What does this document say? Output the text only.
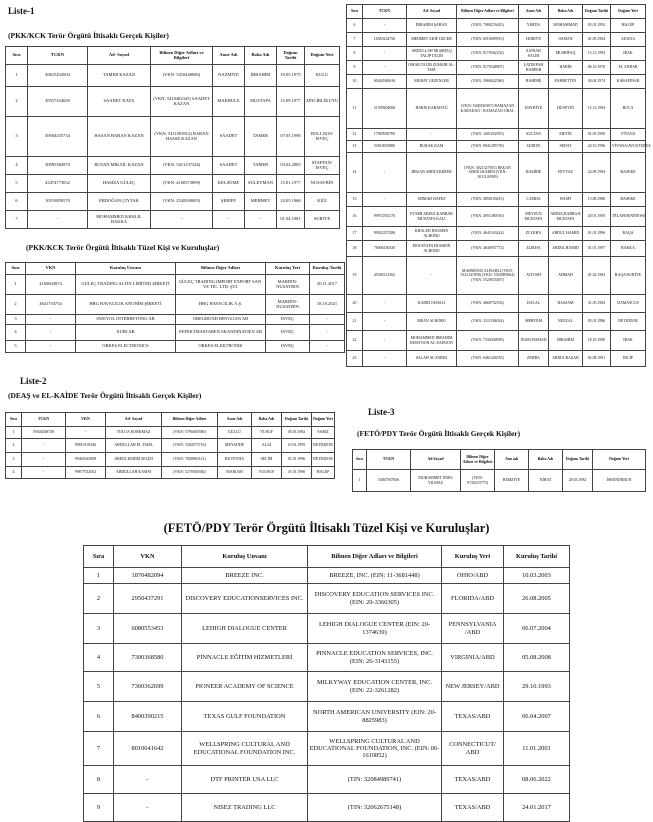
Liste-1
(PKK/KCK Terör Örgütü İltisaklı Gerçek Kişiler)
Sıra	TCKN	Ad- Soyad	Bilinen Diğer Adları ve Bilgileri	Anne Adı	Baba Adı	Doğum Tarihi	Doğum Yeri
1	49615432004	TAMER KAZAN	(VKN: 5410440080)	NAZMİYE	İBRAHİM	19.05.1975	KULU
2	49537434650	SAADET KAYA	(VKN: 5410482345) SAADET KAZAN	MAKBULE	MUSTAFA	15.09.1977	ZİNCİRLİKUYU
3	49504435734	HASAN BARAN KAZAN	(VKN: 5411093912) BARAN HASSE KAZAN	SAADET	TAMER	07.05.1998	BOLLNOS/İSVEÇ
4	30095584970	BOTAN MİKAİL KAZAN	(VKN: 5411237226)	SAADET	TAMER	03.02.2005	STAFFAN/İSVEÇ
5	43474773032	HAMZA GÜLEÇ	(VKN: 4160373899)	KELSÜME	SÜLEYMAN	15.01.1977	NUSAYBİN
6	10519859570	ERDOĞAN ÇİYTAK	(VKN: 2520549005)	ŞERİFE	MEHMET	24.05.1968	KİĞI
7	-	MOHAMMED KHALIL BAKKA	-	-	-	01.04.1981	SURİYE
(PKK/KCK Terör Örgütü İltisaklı Tüzel Kişi ve Kuruluşlar)
Sıra	VKN	Kuruluş Unvanı	Bilinen Diğer Adları	Kuruluş Yeri	Kuruluş Tarihi
1	4160604974	GÜLEÇ TRADING ALTIN LİMİTED ŞİRKETİ	GÜLEÇ TRADING İMPORT EXPORT SAN. VE TİC. LTD. ŞTİ.	MARDİN-NUSAYBİN	20.11.2017
2	4641754754	HRG HAVACILIK ANONİM ŞİRKETİ	HRG HAVACILIK A.Ş.	MARDİN-NUSAYBİN	18.10.2021
3	-	SWEYOL INTERBETONG AB	OREGRUND BRYGGAN AB	İSVEÇ	-
4	-	XURI AB	EFFEKTMASTAREN SKANDINAVIEN AB	İSVEÇ	-
5	-	ORKES ELECTRONICS	ORKES ELEKTRONİK	İSVEÇ	-
Sıra	TCKN	Ad- Soyad	Bilinen Diğer Adları ve Bilgileri	Anne Adı	Baba Adı	Doğum Tarihi	Doğum Yeri
6	-	İBRAHİM ŞABAN	(VKN: 7980276425)	YERDA	MOHAMMAD	03.01.1992	HALEP
7	16565234756	MEHMET AKİF ÖZCEB	(VKN: 6910009915)	HORİYE	OSMAN	01.05.1964	ADANA
8	-	ABDULLAH MUŞRİAQ TALİP TALİB	(VKN: 8170562252)	ZAİNAB SALİH	MUSRİFAQ	15.12.1993	IRAK
9	-	OMAR TALİB ZUHAİR AL-TAİE	(VKN: 8170348807)	LATEEFAH HABEEB	HABİB	06.10.1970	EL ANBAR
10	60442940616	MURAT GEZENLER	(VKN: 3960622560)	RAHİME	FAHRETTİN	30.04.1974	KARAPINAR
11	21599204068	HARİS KARADAĞ	(VKN: 5400330307) RAMAZAN KARADAĞ / RAMAZAN ORAL	HAYRİYE	HÜSEYİN	15.12.1984	BUCA
12	17965930700	-	(VKN: 1601052055)	SULTAN	METİN	01.05.1990	VİYANA
13	53014953880	BURAK KAM	(VKN: 8941285739)	SURİYE	SEDAT	24.10.1996	VİYANA/AVUSTURYA
14	-	REKAN ABDULKERİM	(VKN: 3021327953) REKAN ABDULKARİM (VKN: 3011120399)	HAMİDE	FEVVAZ	24.09.1984	HASEKE
15	-	AHMAD HAFEZ	(VKN: 4850103615)	LAMHA	WASFİ	15.08.1980	HASEKE
16	99972592170	EYSER ABDULKABBAR MUSTAFA KALI	(VKN: 4951380550)	MEYSUN MUSTAFA	ABDULKABBA R MUSTAFA	20.01.1995	TELAFER/NINEWA
17	99922357286	KHALED HUSSEIN ALHOBO	(VKN: 4641163244)	ZLYKHA	ABDUL HAMID	01.01.1996	RAQA
18	76006136330	MOUSTAFA HUSSEIN ALHOBO	(VKN: 4640937772)	ZLIKHA	ABDULHAMID	01.01.1997	RAKKA
19	45304112362	-	MAHMOUD ALWAHLI (VKN: 5521141858) (VKN: 5520085064) (VKN: 5520674407)	AIYOSH	AHMAD	01.02.1983	RAQA/SURİYE
20	-	KADRI JAMALI	(VKN: 4660752554)	DALAL	BASSAM	31.05.1982	DAMASCUS
21	-	MEAN ALHOBO	(VKN: 3311184034)	MERYEM	NEZZAL	05.01.1986	DEYRİZOR
22	-	MOHAMMED İBRAHİM KHAYOON AL-SADOON	(VKN: 7330340005)	İNAM HAMAD	İBRAHİM	18.10.1990	IRAK
23	-	SALAH AL FARES	(VKN: 0461426555)	ZEHRA	ABDULRAZAK	02.08.1991	İDLİP
Liste-2
(DEAŞ ve EL-KAİDE Terör Örgütü İltisaklı Gerçek Kişiler)
Sıra	TCKN	VKN	Ad- Soyad	Bilinen Diğer Adları	Anne Adı	Baba Adı	Doğum Tarihi	Doğum Yeri
1	59302038730	-	TOLGA KORKMAZ	(VKN: 5790465580)	GÜLLÜ	YUSUF	05.03.1982	SARIZ
2	-	99810139246	ABDULLAH EL TAHA	(VKN: 3302073716)	MEYADDE	ALAİ	10.01.1995	DEYRİZOR
3	-	99461643858	ABDULKERİM SELİM	(VKN: 7600863121)	RUVEYHA	SELİM	01.01.1996	DEYRİZOR
4	-	99677012652	ABDULLAH KASIM	(VKN: 5270500392)	MARIAM	YOUSUF	31.01.1990	HALEP
Liste-3
(FETÖ/PDY Terör Örgütü İltisaklı Gerçek Kişiler)
Sıra	TCKN	Ad Soyad	Bilinen Diğer Adları ve Bilgileri	Ana adı	Baba Adı	Doğum Tarihi	Doğum Yeri
1	33847567836	MUHAMMET ENES YILMAZ	(VKN: 9730210775)	REMZİYE	NİHAT	28.03.1982	İSKENDERUN
(FETÖ/PDY Terör Örgütü İltisaklı Tüzel Kişi ve Kuruluşlar)
Sıra	VKN	Kuruluş Unvanı	Bilinen Diğer Adları ve Bilgileri	Kuruluş Yeri	Kuruluş Tarihi
1	1870482094	BREEZE INC.	BREEZE, INC. (EIN: 11-3681448)	OHIO/ABD	10.03.2003
2	2950437291	DISCOVERY EDUCATIONSERVICES INC.	DISCOVERY EDUCATION SERVICES INC. (EIN: 20-3366305)	FLORIDA/ABD	26.08.2005
3	6080553453	LEHIGH DIALOGUE CENTER	LEHIGH DIALOGUE CENTER (EIN: 20-1374639)	PENNSYLVANIA /ABD	06.07.2004
4	7300368580	PİNNACLE EĞİTİM HİZMETLERİ	PINNACLE EDUCATION SERVICES, INC. (EIN: 26-3143155)	VIRGINIA/ABD	05.08.2008
5	7300362699	PIONEER ACADEMY OF SCIENCE	MILKYWAY EDUCATION CENTER, INC. (EIN: 22-3261282)	NEW JERSEY/ABD	29.10.1993
6	8400390215	TEXAS GULF FOUNDATION	NORTH AMERICAN UNIVERSITY (EIN: 20-8825983)	TEXAS/ABD	06.04.2007
7	8010641642	WELLSPRING CULTURAL AND EDUCATIONAL FOUNDATION INC.	WELLSPRING CULTURAL AND EDUCATIONAL FOUNDATION, INC. (EIN: 06-1610852)	CONNECTICUT/ ABD	11.01.2001
8	-	DTF PRINTER USA LLC	(TIN: 32084989741)	TEXAS/ABD	08.06.2022
9	-	NISEZ TRADING LLC	(TIN: 32062675148)	TEXAS/ABD	24.01.2017
